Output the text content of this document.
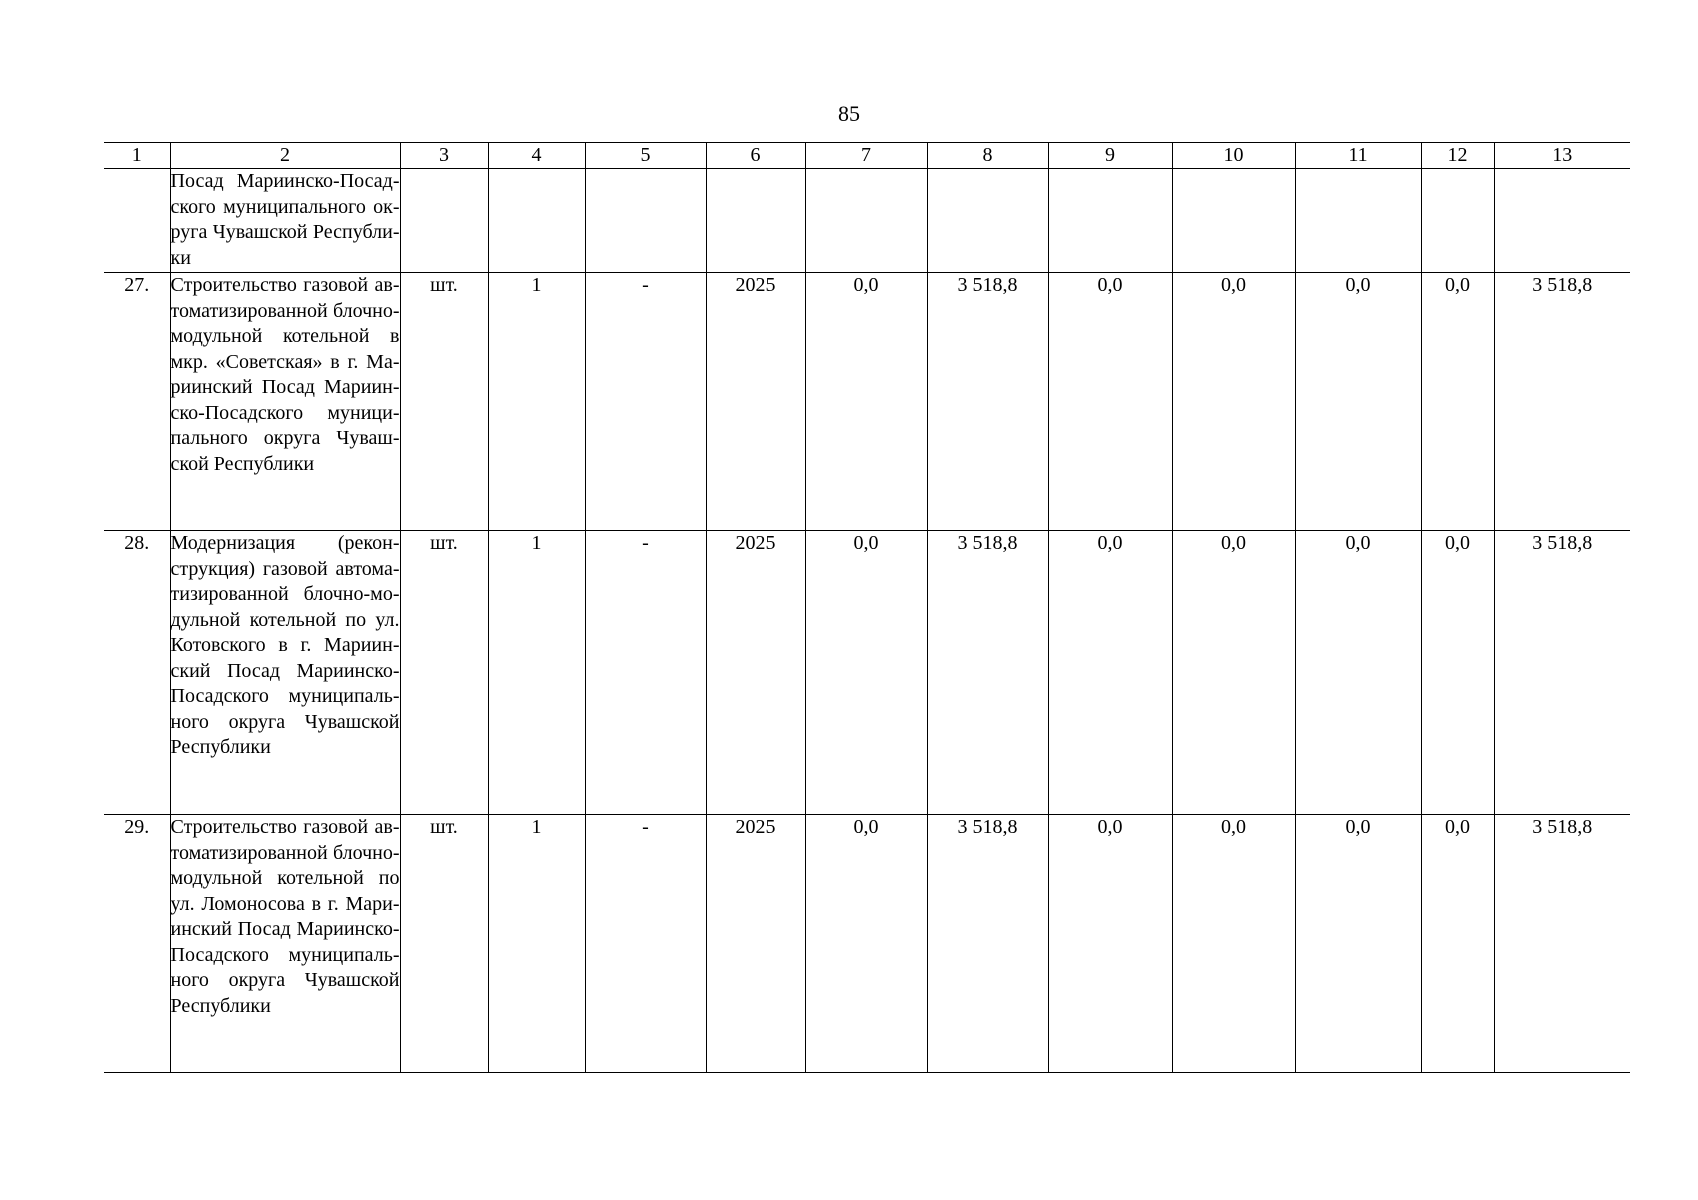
85
1	2	3	4	5	6	7	8	9	10	11	12	13
	Посад Мариинско-​Посадского муниципального округа Чувашской Республики											
27.	Строительство газовой автоматизированной блочно-​модульной котельной в мкр. «Советская» в г. Мариинский Посад Мариинско-​Посадского муниципального округа Чувашской Республики	шт.	1	-	2025	0,0	3 518,8	0,0	0,0	0,0	0,0	3 518,8
28.	Модернизация (реконструкция) газовой автоматизированной блочно-​модульной котельной по ул. Котовского в г. Мариинский Посад Мариинско-​Посадского муниципального округа Чувашской Республики	шт.	1	-	2025	0,0	3 518,8	0,0	0,0	0,0	0,0	3 518,8
29.	Строительство газовой автоматизированной блочно-​модульной котельной по ул. Ломоносова в г. Мариинский Посад Мариинско-​Посадского муниципального округа Чувашской Республики	шт.	1	-	2025	0,0	3 518,8	0,0	0,0	0,0	0,0	3 518,8
